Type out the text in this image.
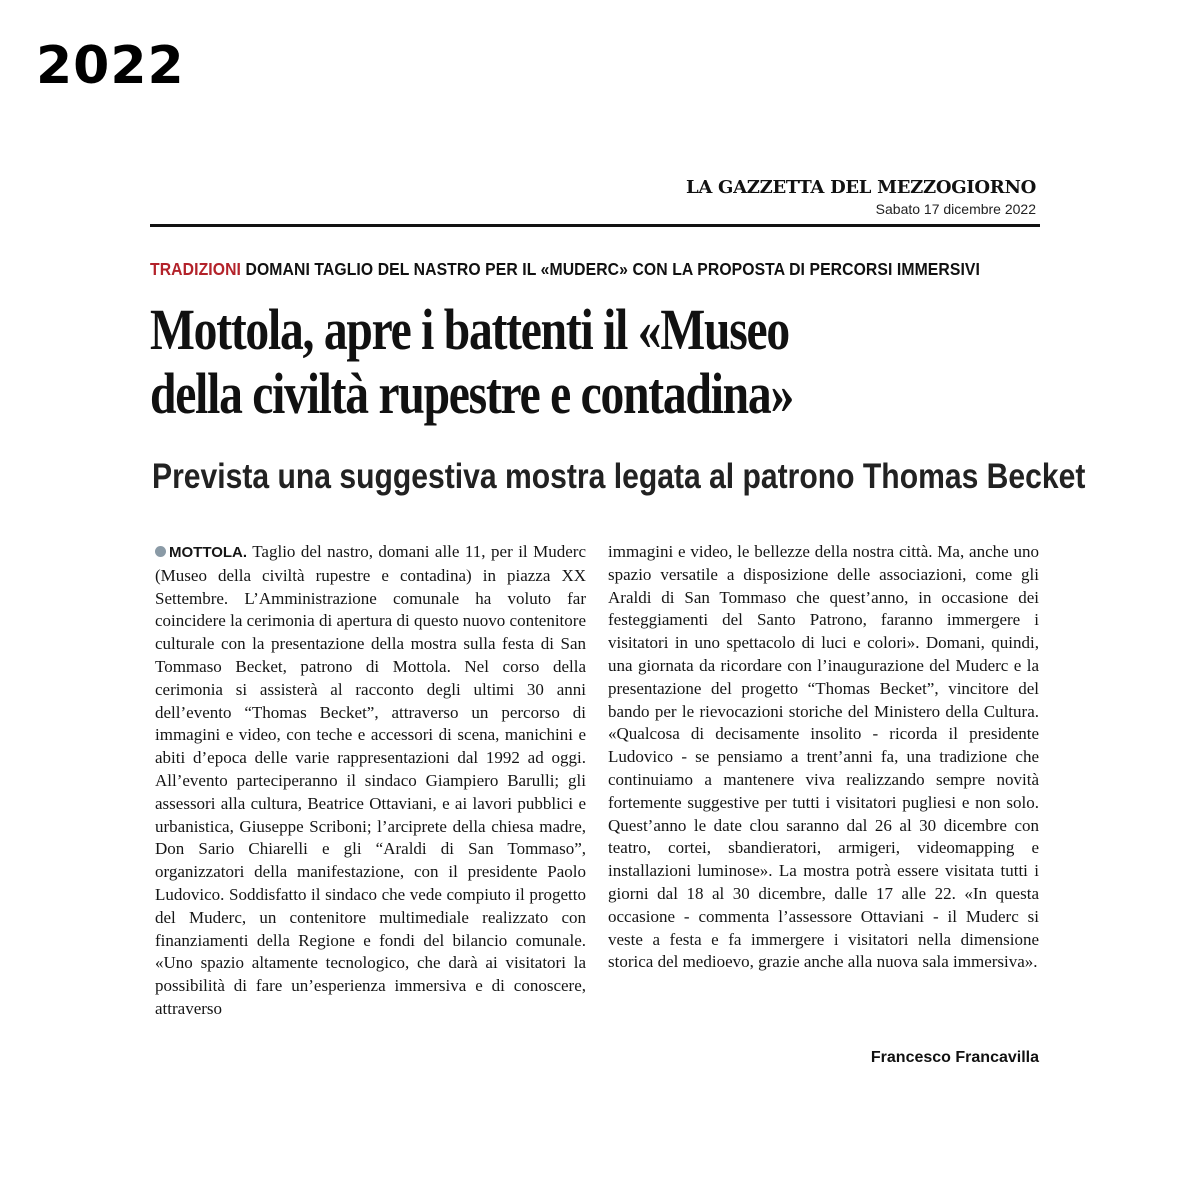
2022
LA GAZZETTA DEL MEZZOGIORNO
Sabato 17 dicembre 2022
TRADIZIONI DOMANI TAGLIO DEL NASTRO PER IL «MUDERC» CON LA PROPOSTA DI PERCORSI IMMERSIVI
Mottola, apre i battenti il «Museo
della civiltà rupestre e contadina»
Prevista una suggestiva mostra legata al patrono Thomas Becket

MOTTOLA. Taglio del nastro, domani alle 11, per il Muderc (Museo della civiltà rupestre e contadina) in piazza XX Settembre. L’Amministrazione comunale ha voluto far coincidere la cerimonia di apertura di questo nuovo contenitore culturale con la presentazione della mostra sulla festa di San Tommaso Becket, patrono di Mottola. Nel corso della cerimonia si assisterà al racconto degli ultimi 30 anni dell’evento “Thomas Becket”, attraverso un percorso di immagini e video, con teche e accessori di scena, manichini e abiti d’epoca delle varie rappresentazioni dal 1992 ad oggi. All’evento parteciperanno il sindaco Giampiero Barulli; gli assessori alla cultura, Beatrice Ottaviani, e ai lavori pubblici e urbanistica, Giuseppe Scriboni; l’arciprete della chiesa madre, Don Sario Chiarelli e gli “Araldi di San Tommaso”, organizzatori della manifestazione, con il presidente Paolo Ludovico. Soddisfatto il sindaco che vede compiuto il progetto del Muderc, un contenitore multimediale realizzato con finanziamenti della Regione e fondi del bilancio comunale. «Uno spazio altamente tecnologico, che darà ai visitatori la possibilità di fare un’esperienza immersiva e di conoscere, attraverso

immagini e video, le bellezze della nostra città. Ma, anche uno spazio versatile a disposizione delle associazioni, come gli Araldi di San Tommaso che quest’anno, in occasione dei festeggiamenti del Santo Patrono, faranno immergere i visitatori in uno spettacolo di luci e colori». Domani, quindi, una giornata da ricordare con l’inaugurazione del Muderc e la presentazione del progetto “Thomas Becket”, vincitore del bando per le rievocazioni storiche del Ministero della Cultura. «Qualcosa di decisamente insolito - ricorda il presidente Ludovico - se pensiamo a trent’anni fa, una tradizione che continuiamo a mantenere viva realizzando sempre novità fortemente suggestive per tutti i visitatori pugliesi e non solo. Quest’anno le date clou saranno dal 26 al 30 dicembre con teatro, cortei, sbandieratori, armigeri, videomapping e installazioni luminose». La mostra potrà essere visitata tutti i giorni dal 18 al 30 dicembre, dalle 17 alle 22. «In questa occasione - commenta l’assessore Ottaviani - il Muderc si veste a festa e fa immergere i visitatori nella dimensione storica del medioevo, grazie anche alla nuova sala immersiva».

Francesco Francavilla
